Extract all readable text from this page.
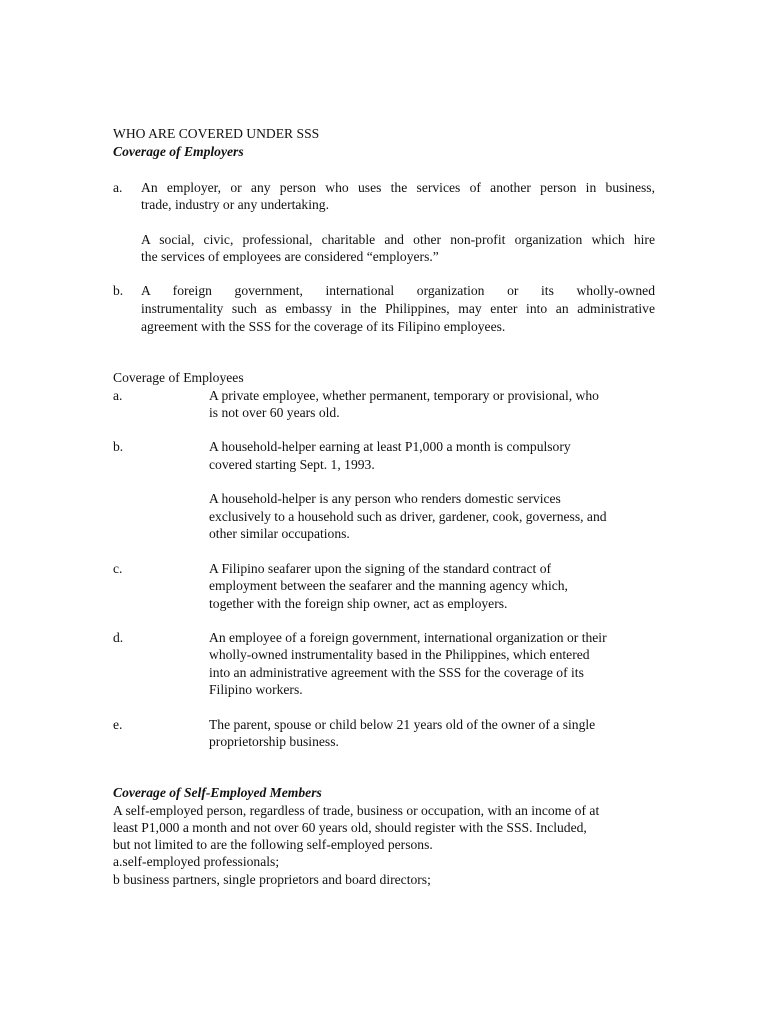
WHO ARE COVERED UNDER SSS
Coverage of Employers
a. An employer, or any person who uses the services of another person in business,
trade, industry or any undertaking.
A social, civic, professional, charitable and other non-profit organization which hire
the services of employees are considered “employers.”
b. A foreign government, international organization or its wholly-owned
instrumentality such as embassy in the Philippines, may enter into an administrative
agreement with the SSS for the coverage of its Filipino employees.
Coverage of Employees
a.	A private employee, whether permanent, temporary or provisional, who
is not over 60 years old.
b.	A household-helper earning at least P1,000 a month is compulsory
covered starting Sept. 1, 1993.
A household-helper is any person who renders domestic services
exclusively to a household such as driver, gardener, cook, governess, and
other similar occupations.
c.	A Filipino seafarer upon the signing of the standard contract of
employment between the seafarer and the manning agency which,
together with the foreign ship owner, act as employers.
d.	An employee of a foreign government, international organization or their
wholly-owned instrumentality based in the Philippines, which entered
into an administrative agreement with the SSS for the coverage of its
Filipino workers.
e.	The parent, spouse or child below 21 years old of the owner of a single
proprietorship business.
Coverage of Self-Employed Members
A self-employed person, regardless of trade, business or occupation, with an income of at
least P1,000 a month and not over 60 years old, should register with the SSS. Included,
but not limited to are the following self-employed persons.
a.self-employed professionals;
b business partners, single proprietors and board directors;
